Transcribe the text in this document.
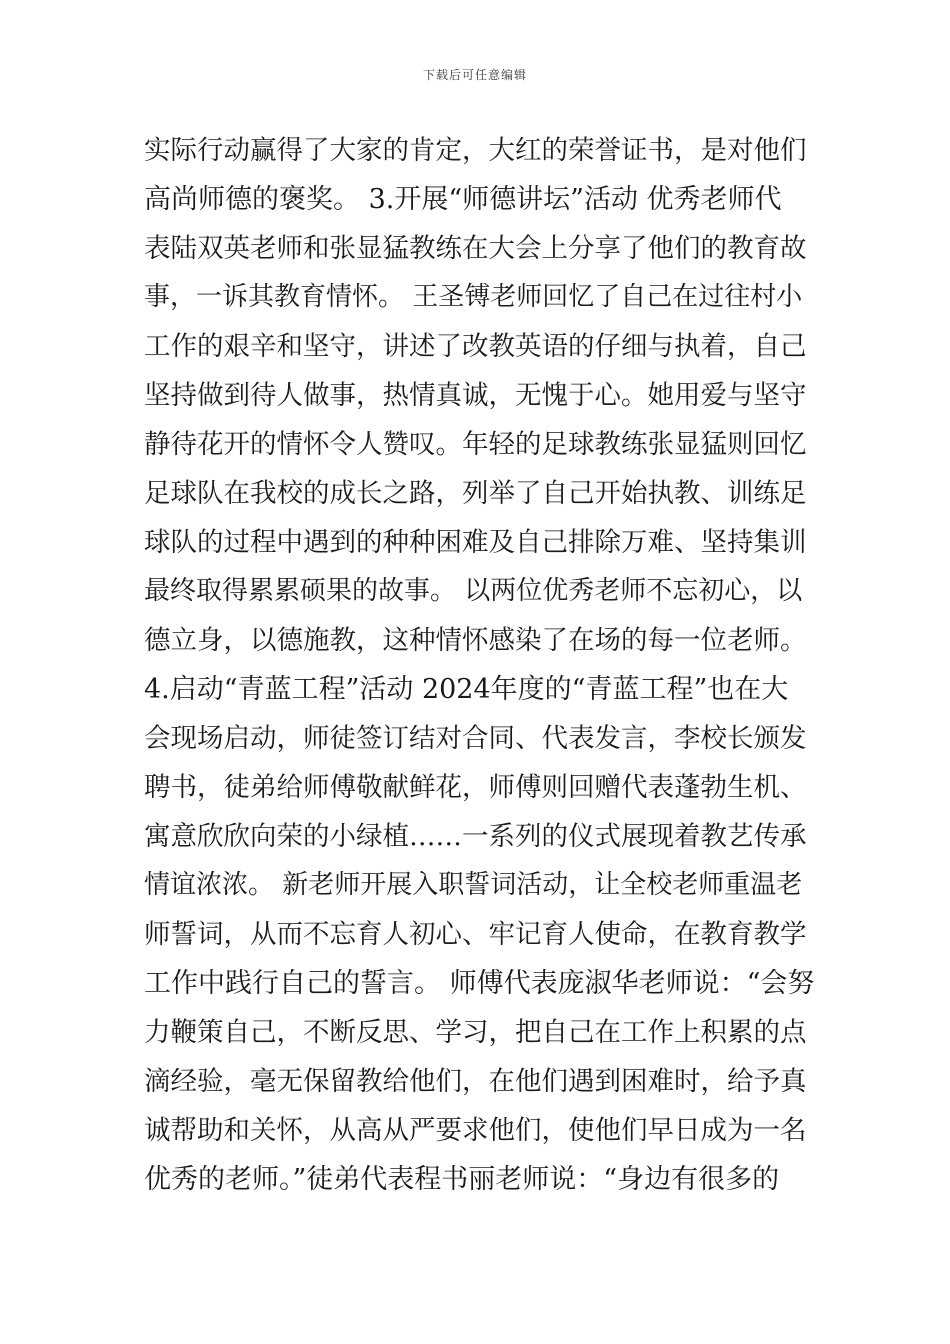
下载后可任意编辑
实际行动赢得了大家的肯定，大红的荣誉证书，是对他们
高尚师德的褒奖。 3.开展“师德讲坛”活动 优秀老师代
表陆双英老师和张显猛教练在大会上分享了他们的教育故
事，一诉其教育情怀。 王圣镈老师回忆了自己在过往村小
工作的艰辛和坚守，讲述了改教英语的仔细与执着，自己
坚持做到待人做事，热情真诚，无愧于心。她用爱与坚守
静待花开的情怀令人赞叹。年轻的足球教练张显猛则回忆
足球队在我校的成长之路，列举了自己开始执教、训练足
球队的过程中遇到的种种困难及自己排除万难、坚持集训
最终取得累累硕果的故事。 以两位优秀老师不忘初心，以
德立身，以德施教，这种情怀感染了在场的每一位老师。
4.启动“青蓝工程”活动 2024年度的“青蓝工程”也在大
会现场启动，师徒签订结对合同、代表发言，李校长颁发
聘书，徒弟给师傅敬献鲜花，师傅则回赠代表蓬勃生机、
寓意欣欣向荣的小绿植……一系列的仪式展现着教艺传承
情谊浓浓。 新老师开展入职誓词活动，让全校老师重温老
师誓词，从而不忘育人初心、牢记育人使命，在教育教学
工作中践行自己的誓言。 师傅代表庞淑华老师说：“会努
力鞭策自己，不断反思、学习，把自己在工作上积累的点
滴经验，毫无保留教给他们，在他们遇到困难时，给予真
诚帮助和关怀，从高从严要求他们，使他们早日成为一名
优秀的老师。”徒弟代表程书丽老师说：“身边有很多的
